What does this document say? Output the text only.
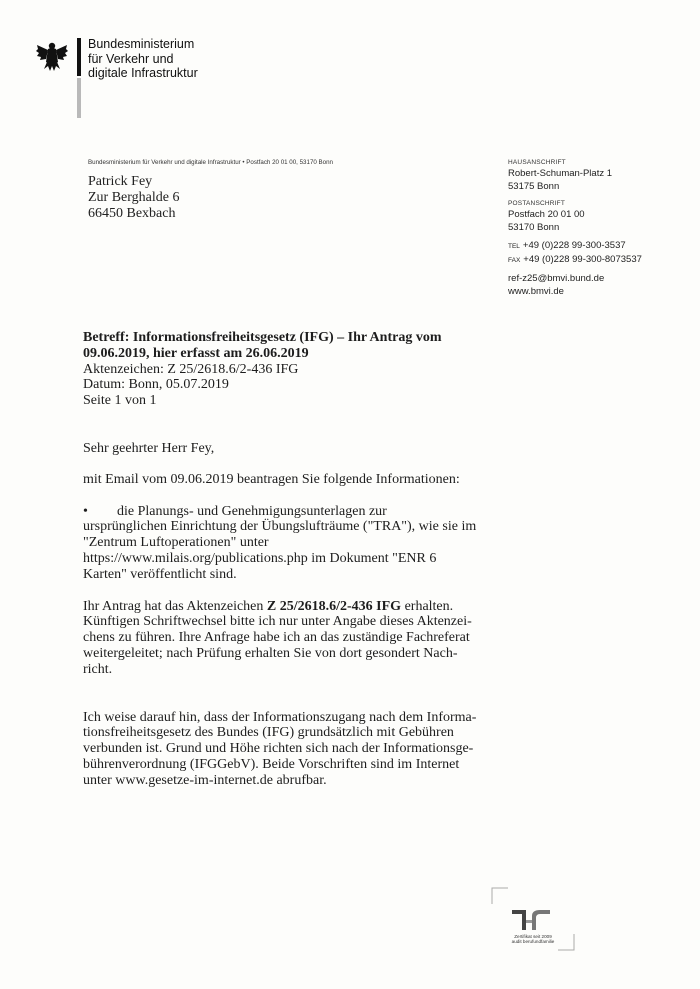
Bundesministerium
für Verkehr und
digitale Infrastruktur
Bundesministerium für Verkehr und digitale Infrastruktur • Postfach 20 01 00, 53170 Bonn
Patrick Fey
Zur Berghalde 6
66450 Bexbach
HAUSANSCHRIFT
Robert-Schuman-Platz 1
53175 Bonn
POSTANSCHRIFT
Postfach 20 01 00
53170 Bonn
TEL +49 (0)228 99-300-3537
FAX +49 (0)228 99-300-8073537
ref-z25@bmvi.bund.de
www.bmvi.de
Betreff: Informationsfreiheitsgesetz (IFG) – Ihr Antrag vom
09.06.2019, hier erfasst am 26.06.2019
Aktenzeichen: Z 25/2618.6/2-436 IFG
Datum: Bonn, 05.07.2019
Seite 1 von 1
Sehr geehrter Herr Fey,
mit Email vom 09.06.2019 beantragen Sie folgende Informationen:
•	die Planungs- und Genehmigungsunterlagen zur
ursprünglichen Einrichtung der Übungslufträume ("TRA"), wie sie im
"Zentrum Luftoperationen" unter
https://www.milais.org/publications.php im Dokument "ENR 6
Karten" veröffentlicht sind.
Ihr Antrag hat das Aktenzeichen Z 25/2618.6/2-436 IFG erhalten.
Künftigen Schriftwechsel bitte ich nur unter Angabe dieses Aktenzei-
chens zu führen. Ihre Anfrage habe ich an das zuständige Fachreferat
weitergeleitet; nach Prüfung erhalten Sie von dort gesondert Nach-
richt.
Ich weise darauf hin, dass der Informationszugang nach dem Informa-
tionsfreiheitsgesetz des Bundes (IFG) grundsätzlich mit Gebühren
verbunden ist. Grund und Höhe richten sich nach der Informationsge-
bührenverordnung (IFGGebV). Beide Vorschriften sind im Internet
unter www.gesetze-im-internet.de abrufbar.
Zertifikat seit 2009
audit berufundfamilie
